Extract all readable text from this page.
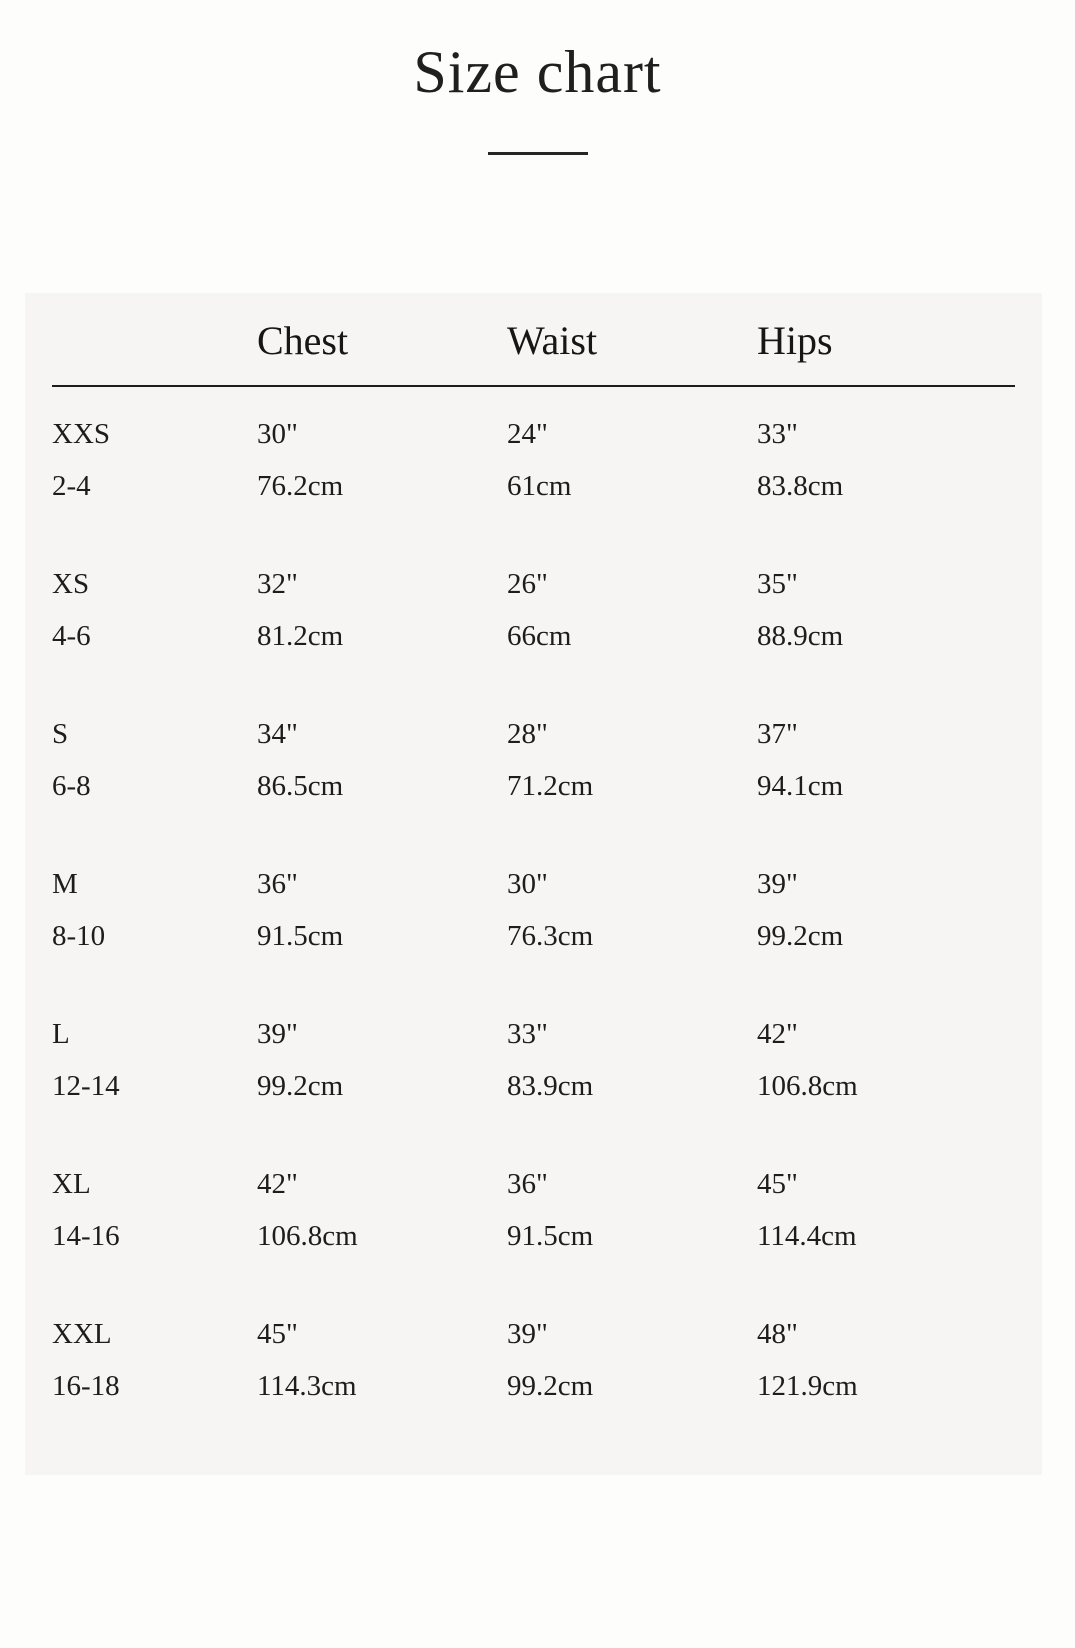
Size chart
Chest	Waist	Hips
XXS
2-4
30"
76.2cm
24"
61cm
33"
83.8cm
XS
4-6
32"
81.2cm
26"
66cm
35"
88.9cm
S
6-8
34"
86.5cm
28"
71.2cm
37"
94.1cm
M
8-10
36"
91.5cm
30"
76.3cm
39"
99.2cm
L
12-14
39"
99.2cm
33"
83.9cm
42"
106.8cm
XL
14-16
42"
106.8cm
36"
91.5cm
45"
114.4cm
XXL
16-18
45"
114.3cm
39"
99.2cm
48"
121.9cm
